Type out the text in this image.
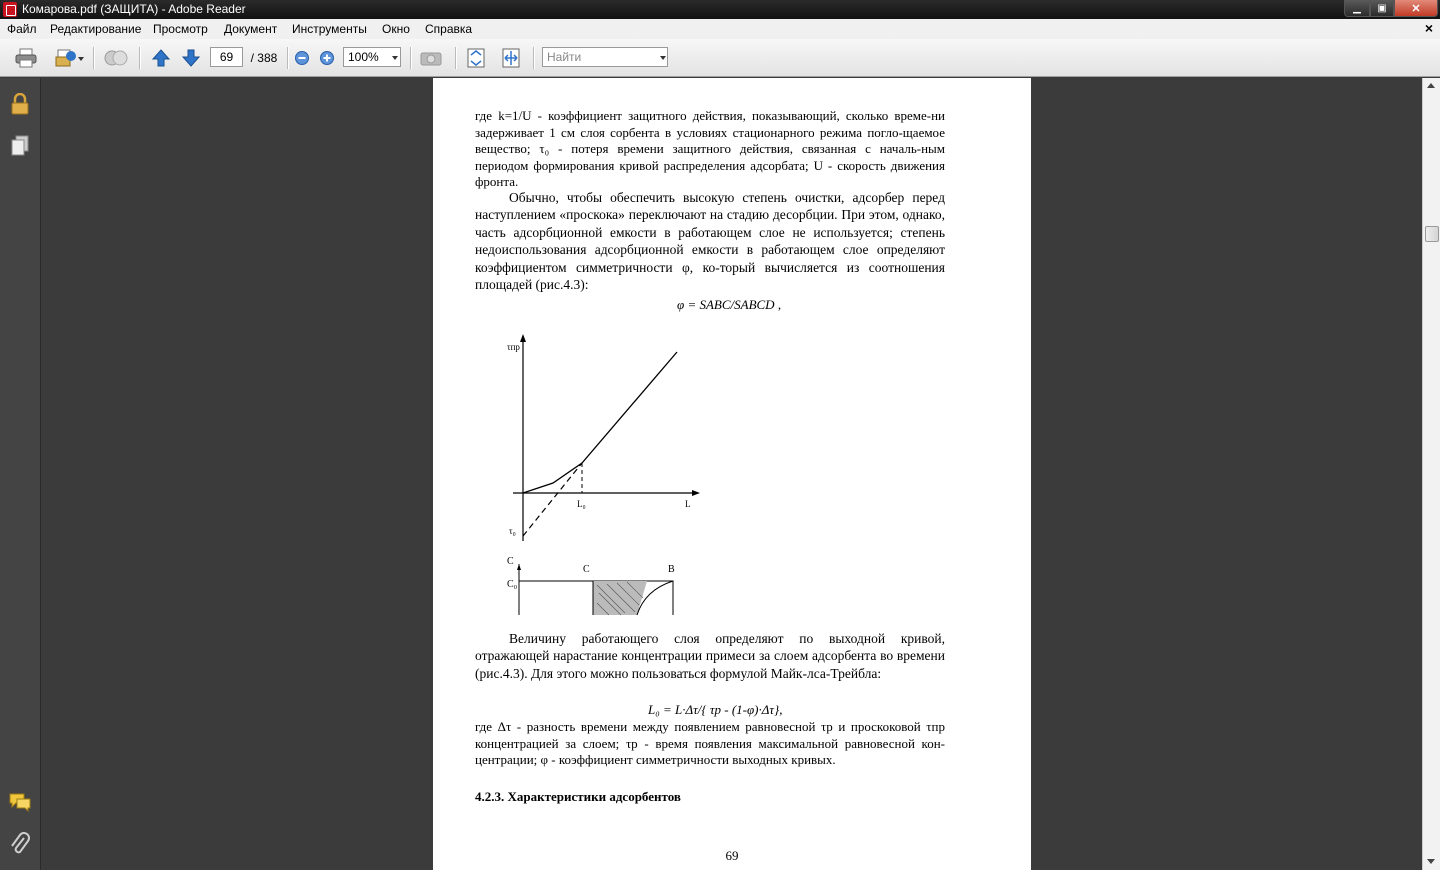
Комарова.pdf (ЗАЩИТА) - Adobe Reader	▁	▣	✕
Файл Редактирование Просмотр Документ Инструменты Окно Справка	×
69	/ 388	100%	Найти
где k=1/U - коэффициент защитного действия, показывающий, сколько време-ни задерживает 1 см слоя сорбента в условиях стационарного режима погло-щаемое вещество; τ₀ - потеря времени защитного действия, связанная с началь-ным периодом формирования кривой распределения адсорбата; U - скорость движения фронта.
Обычно, чтобы обеспечить высокую степень очистки, адсорбер перед наступлением «проскока» переключают на стадию десорбции. При этом, однако, часть адсорбционной емкости в работающем слое не используется; степень недоиспользования адсорбционной емкости в работающем слое определяют коэффициентом симметричности φ, ко-торый вычисляется из соотношения площадей (рис.4.3):
φ = SABC/SABCD ,
τпр
L
L₀
τ₀
C
C₀
C	B
Величину работающего слоя определяют по выходной кривой, отражающей нарастание концентрации примеси за слоем адсорбента во времени (рис.4.3). Для этого можно пользоваться формулой Майк-лса-Трейбла:
L₀ = L·Δτ/{ τp - (1-φ)·Δτ},
где Δτ - разность времени между появлением равновесной τp и проскоковой τпр концентрацией за слоем; τp - время появления максимальной равновесной кон-центрации; φ - коэффициент симметричности выходных кривых.
4.2.3. Характеристики адсорбентов
69
